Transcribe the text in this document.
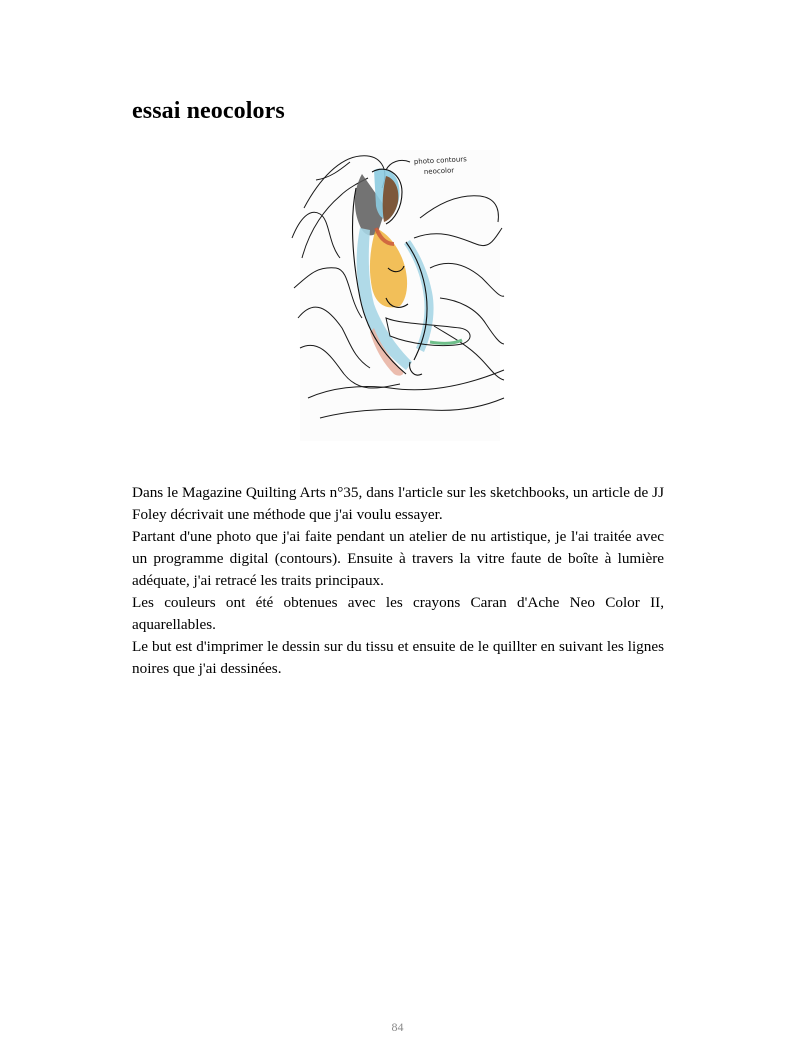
essai neocolors
photo contours
neocolor

Dans le Magazine Quilting Arts n°35, dans l'article sur les sketchbooks, un article de JJ Foley décrivait une méthode que j'ai voulu essayer.

Partant d'une photo que j'ai faite pendant un atelier de nu artistique, je l'ai traitée avec un programme digital (contours). Ensuite à travers la vitre faute de boîte à lumière adéquate, j'ai retracé les traits principaux.

Les couleurs ont été obtenues avec les crayons Caran d'Ache Neo Color II, aquarellables.

Le but est d'imprimer le dessin sur du tissu et ensuite de le quillter en suivant les lignes noires que j'ai dessinées.

84
